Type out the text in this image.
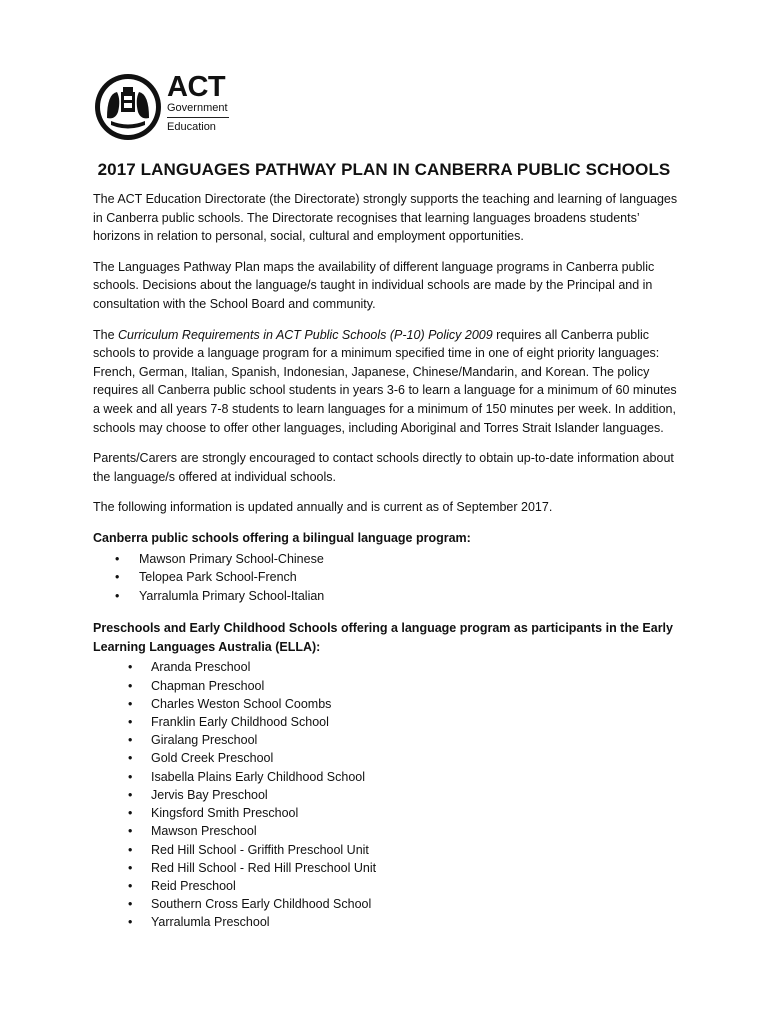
ACT
Government
Education
2017 LANGUAGES PATHWAY PLAN IN CANBERRA PUBLIC SCHOOLS

The ACT Education Directorate (the Directorate) strongly supports the teaching and learning of languages in Canberra public schools. The Directorate recognises that learning languages broadens students’ horizons in relation to personal, social, cultural and employment opportunities.

The Languages Pathway Plan maps the availability of different language programs in Canberra public schools. Decisions about the language/s taught in individual schools are made by the Principal and in consultation with the School Board and community.

The Curriculum Requirements in ACT Public Schools (P-10) Policy 2009 requires all Canberra public schools to provide a language program for a minimum specified time in one of eight priority languages: French, German, Italian, Spanish, Indonesian, Japanese, Chinese/Mandarin, and Korean. The policy requires all Canberra public school students in years 3-6 to learn a language for a minimum of 60 minutes a week and all years 7-8 students to learn languages for a minimum of 150 minutes per week. In addition, schools may choose to offer other languages, including Aboriginal and Torres Strait Islander languages.

Parents/Carers are strongly encouraged to contact schools directly to obtain up-to-date information about the language/s offered at individual schools.

The following information is updated annually and is current as of September 2017.

Canberra public schools offering a bilingual language program:

• Mawson Primary School-Chinese
• Telopea Park School-French
• Yarralumla Primary School-Italian

Preschools and Early Childhood Schools offering a language program as participants in the Early Learning Languages Australia (ELLA):

• Aranda Preschool
• Chapman Preschool
• Charles Weston School Coombs
• Franklin Early Childhood School
• Giralang Preschool
• Gold Creek Preschool
• Isabella Plains Early Childhood School
• Jervis Bay Preschool
• Kingsford Smith Preschool
• Mawson Preschool
• Red Hill School - Griffith Preschool Unit
• Red Hill School - Red Hill Preschool Unit
• Reid Preschool
• Southern Cross Early Childhood School
• Yarralumla Preschool
